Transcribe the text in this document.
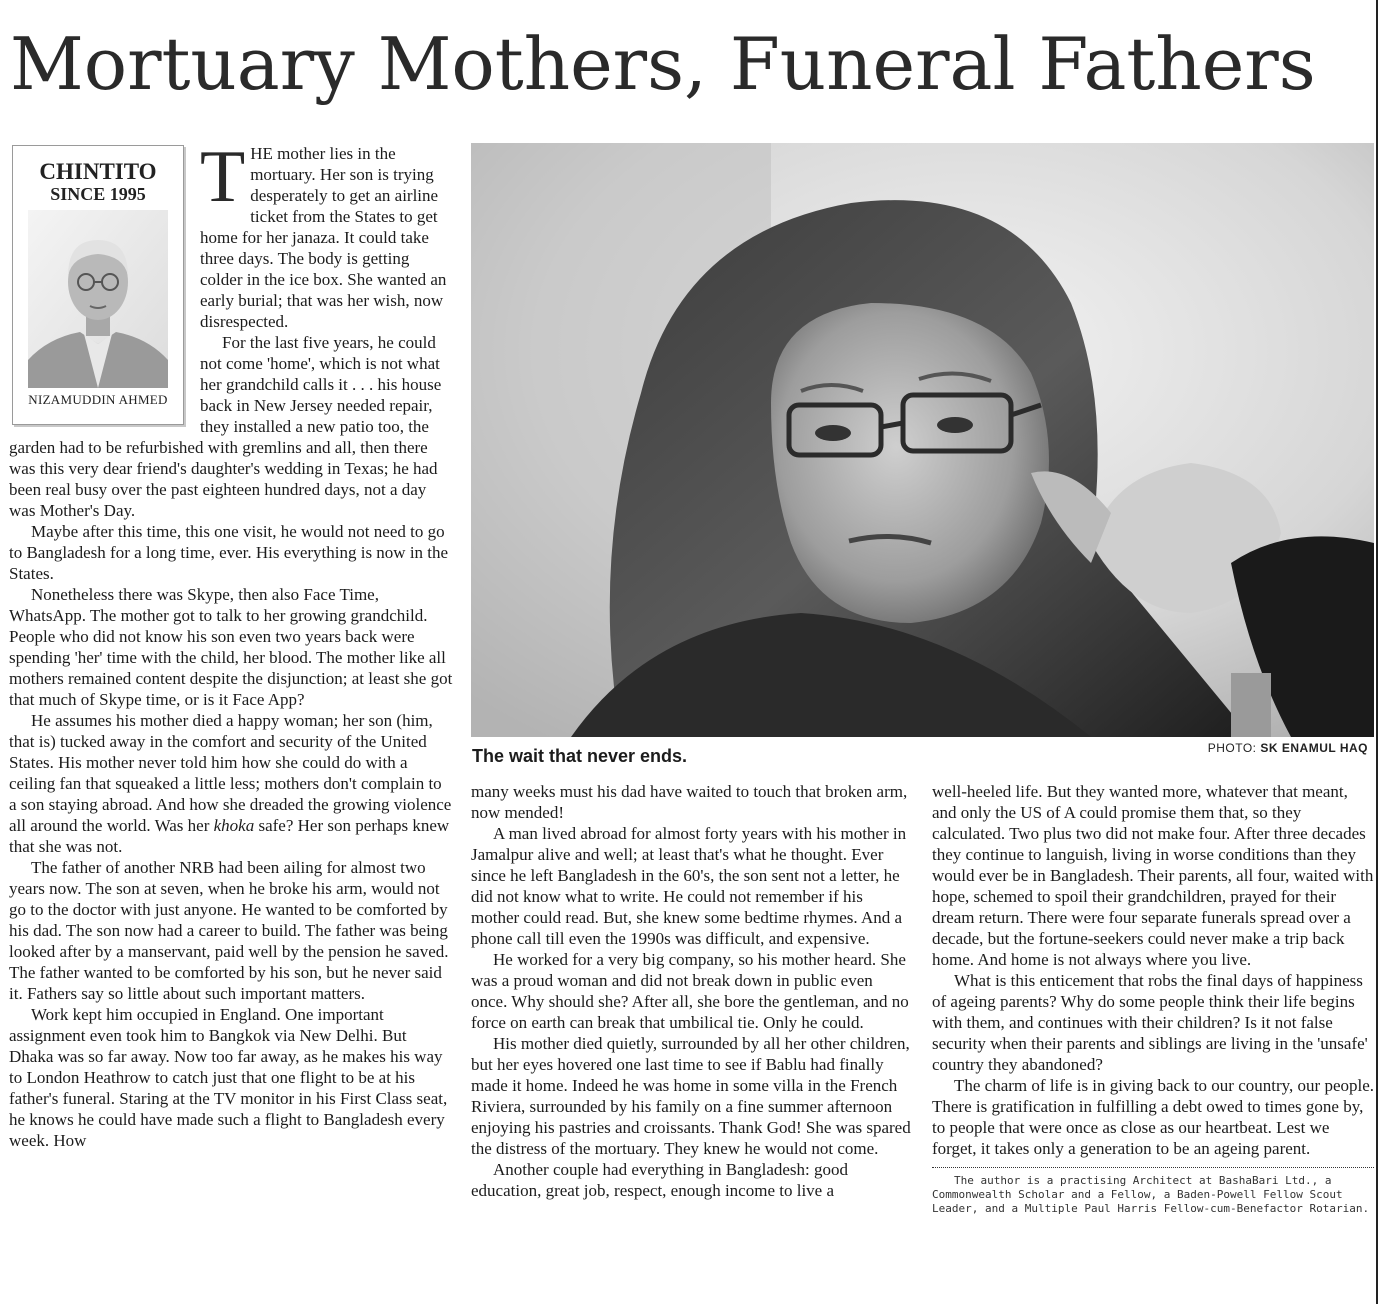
Mortuary Mothers, Funeral Fathers
CHINTITO
SINCE 1995
NIZAMUDDIN AHMED

THE mother lies in the mortuary. Her son is trying desperately to get an airline ticket from the States to get home for her janaza. It could take three days. The body is getting colder in the ice box. She wanted an early burial; that was her wish, now disrespected.

For the last five years, he could not come 'home', which is not what her grandchild calls it . . . his house back in New Jersey needed repair, they installed a new patio too, the garden had to be refurbished with gremlins and all, then there was this very dear friend's daughter's wedding in Texas; he had been real busy over the past eighteen hundred days, not a day was Mother's Day.

Maybe after this time, this one visit, he would not need to go to Bangladesh for a long time, ever. His everything is now in the States.

Nonetheless there was Skype, then also Face Time, WhatsApp. The mother got to talk to her growing grandchild. People who did not know his son even two years back were spending 'her' time with the child, her blood. The mother like all mothers remained content despite the disjunction; at least she got that much of Skype time, or is it Face App?

He assumes his mother died a happy woman; her son (him, that is) tucked away in the comfort and security of the United States. His mother never told him how she could do with a ceiling fan that squeaked a little less; mothers don't complain to a son staying abroad. And how she dreaded the growing violence all around the world. Was her khoka safe? Her son perhaps knew that she was not.

The father of another NRB had been ailing for almost two years now. The son at seven, when he broke his arm, would not go to the doctor with just anyone. He wanted to be comforted by his dad. The son now had a career to build. The father was being looked after by a manservant, paid well by the pension he saved. The father wanted to be comforted by his son, but he never said it. Fathers say so little about such important matters.

Work kept him occupied in England. One important assignment even took him to Bangkok via New Delhi. But Dhaka was so far away. Now too far away, as he makes his way to London Heathrow to catch just that one flight to be at his father's funeral. Staring at the TV monitor in his First Class seat, he knows he could have made such a flight to Bangladesh every week. How

The wait that never ends.	PHOTO: SK ENAMUL HAQ

many weeks must his dad have waited to touch that broken arm, now mended!

A man lived abroad for almost forty years with his mother in Jamalpur alive and well; at least that's what he thought. Ever since he left Bangladesh in the 60's, the son sent not a letter, he did not know what to write. He could not remember if his mother could read. But, she knew some bedtime rhymes. And a phone call till even the 1990s was difficult, and expensive.

He worked for a very big company, so his mother heard. She was a proud woman and did not break down in public even once. Why should she? After all, she bore the gentleman, and no force on earth can break that umbilical tie. Only he could.

His mother died quietly, surrounded by all her other children, but her eyes hovered one last time to see if Bablu had finally made it home. Indeed he was home in some villa in the French Riviera, surrounded by his family on a fine summer afternoon enjoying his pastries and croissants. Thank God! She was spared the distress of the mortuary. They knew he would not come.

Another couple had everything in Bangladesh: good education, great job, respect, enough income to live a

well-heeled life. But they wanted more, whatever that meant, and only the US of A could promise them that, so they calculated. Two plus two did not make four. After three decades they continue to languish, living in worse conditions than they would ever be in Bangladesh. Their parents, all four, waited with hope, schemed to spoil their grandchildren, prayed for their dream return. There were four separate funerals spread over a decade, but the fortune-seekers could never make a trip back home. And home is not always where you live.

What is this enticement that robs the final days of happiness of ageing parents? Why do some people think their life begins with them, and continues with their children? Is it not false security when their parents and siblings are living in the 'unsafe' country they abandoned?

The charm of life is in giving back to our country, our people. There is gratification in fulfilling a debt owed to times gone by, to people that were once as close as our heartbeat. Lest we forget, it takes only a generation to be an ageing parent.

The author is a practising Architect at BashaBari Ltd., a Commonwealth Scholar and a Fellow, a Baden-Powell Fellow Scout Leader, and a Multiple Paul Harris Fellow-cum-Benefactor Rotarian.
